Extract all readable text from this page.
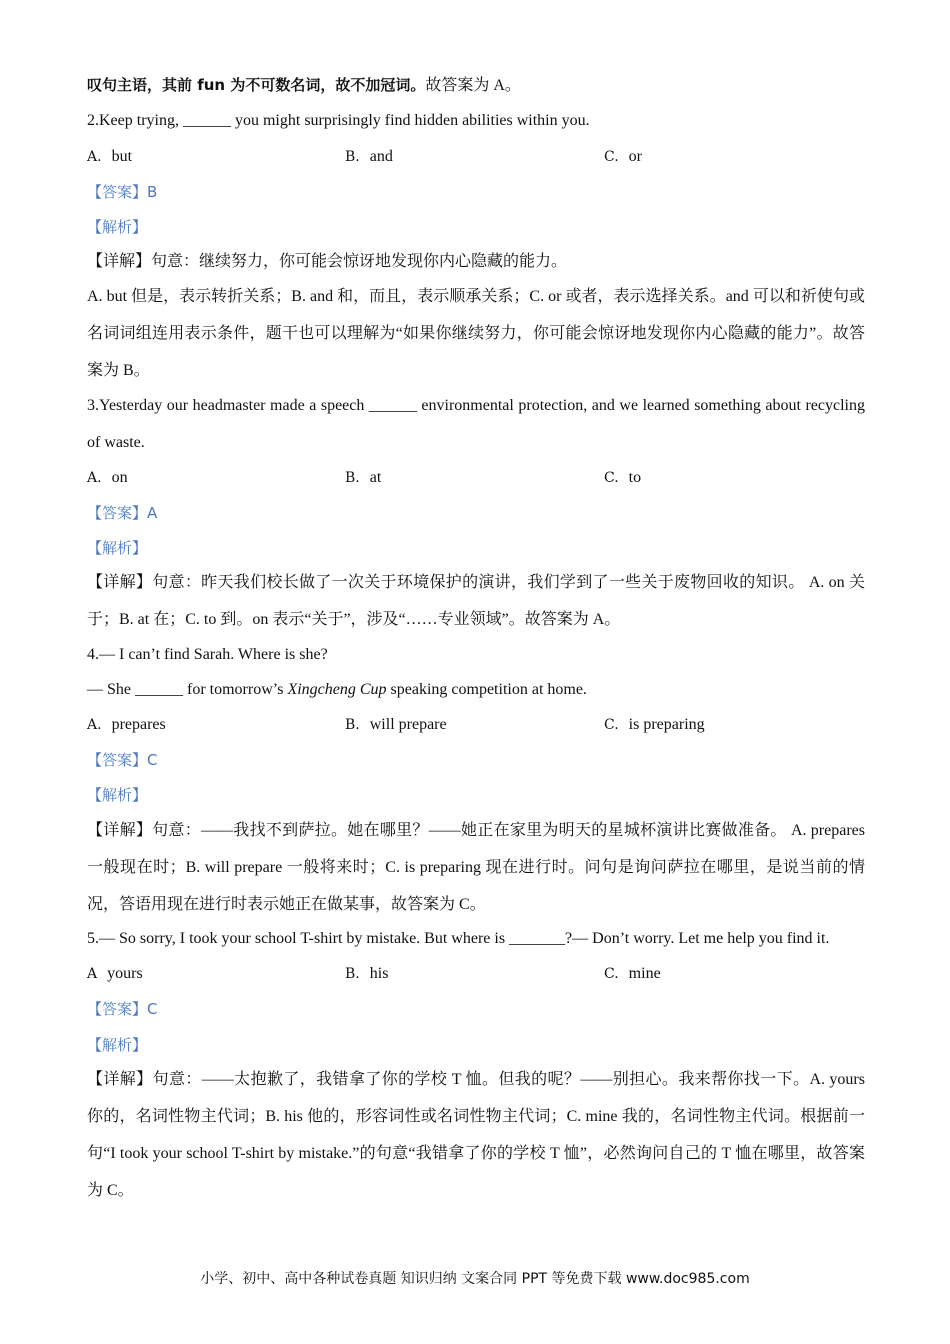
叹句主语，其前 fun 为不可数名词，故不加冠词。故答案为 A。
2.Keep trying, ______ you might surprisingly find hidden abilities within you.
A. but	B. and	C. or
【答案】B
【解析】
【详解】句意：继续努力，你可能会惊讶地发现你内心隐藏的能力。
A. but 但是，表示转折关系；B. and 和，而且，表示顺承关系；C. or 或者，表示选择关系。and 可以和祈使句或名词词组连用表示条件，题干也可以理解为“如果你继续努力，你可能会惊讶地发现你内心隐藏的能力”。故答案为 B。
3.Yesterday our headmaster made a speech ______ environmental protection, and we learned something about recycling of waste.
A. on	B. at	C. to
【答案】A
【解析】
【详解】句意：昨天我们校长做了一次关于环境保护的演讲，我们学到了一些关于废物回收的知识。 A. on 关于；B. at 在；C. to 到。on 表示“关于”，涉及“……专业领域”。故答案为 A。
4.— I can’t find Sarah. Where is she?
— She ______ for tomorrow’s Xingcheng Cup speaking competition at home.
A. prepares	B. will prepare	C. is preparing
【答案】C
【解析】
【详解】句意：——我找不到萨拉。她在哪里？——她正在家里为明天的星城杯演讲比赛做准备。 A. prepares 一般现在时；B. will prepare 一般将来时；C. is preparing 现在进行时。问句是询问萨拉在哪里，是说当前的情况，答语用现在进行时表示她正在做某事，故答案为 C。
5.— So sorry, I took your school T-shirt by mistake. But where is _______?— Don’t worry. Let me help you find it.
A yours	B. his	C. mine
【答案】C
【解析】
【详解】句意：——太抱歉了，我错拿了你的学校 T 恤。但我的呢？——别担心。我来帮你找一下。A. yours 你的，名词性物主代词；B. his 他的，形容词性或名词性物主代词；C. mine 我的，名词性物主代词。根据前一句“I took your school T-shirt by mistake.”的句意“我错拿了你的学校 T 恤”，必然询问自己的 T 恤在哪里，故答案为 C。
小学、初中、高中各种试卷真题 知识归纳 文案合同 PPT 等免费下载 www.doc985.com
